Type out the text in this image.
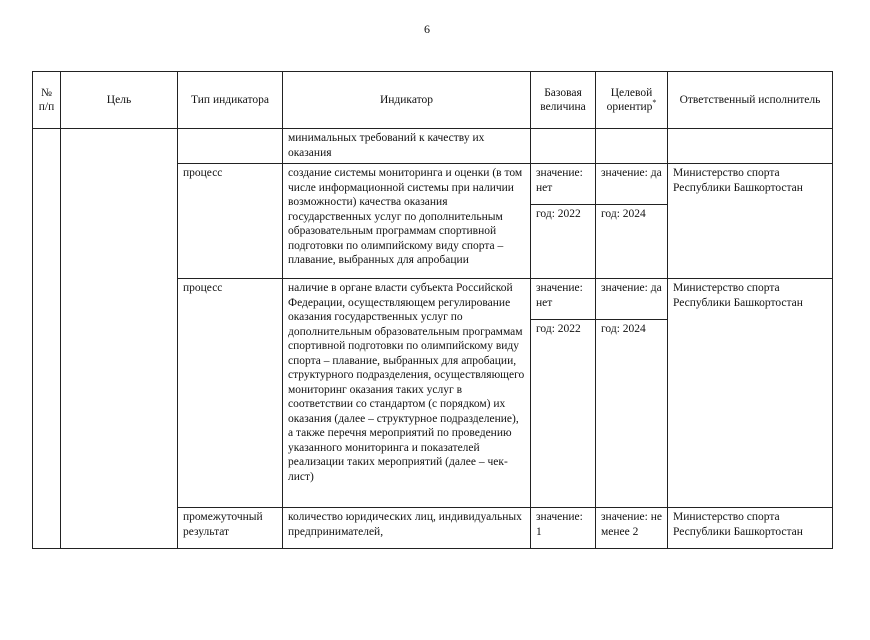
6
№ п/п	Цель	Тип индикатора	Индикатор	Базовая величина	Целевой ориентир*	Ответственный исполнитель
			минимальных требований к качеству их оказания			
		процесс	создание системы мониторинга и оценки (в том числе информационной системы при наличии возможности) качества оказания государственных услуг по дополнительным образовательным программам спортивной подготовки по олимпийскому виду спорта – плавание, выбранных для апробации	значение: нет	значение: да	Министерство спорта Республики Башкортостан
				год: 2022	год: 2024	
		процесс	наличие в органе власти субъекта Российской Федерации, осуществляющем регулирование оказания государственных услуг по дополнительным образовательным программам спортивной подготовки по олимпийскому виду спорта – плавание, выбранных для апробации, структурного подразделения, осуществляющего мониторинг оказания таких услуг в соответствии со стандартом (с порядком) их оказания (далее – структурное подразделение), а также перечня мероприятий по проведению указанного мониторинга и показателей реализации таких мероприятий (далее – чек-лист)	значение: нет	значение: да	Министерство спорта Республики Башкортостан
				год: 2022	год: 2024	
		промежуточный результат	количество юридических лиц, индивидуальных предпринимателей,	значение: 1	значение: не менее 2	Министерство спорта Республики Башкортостан
